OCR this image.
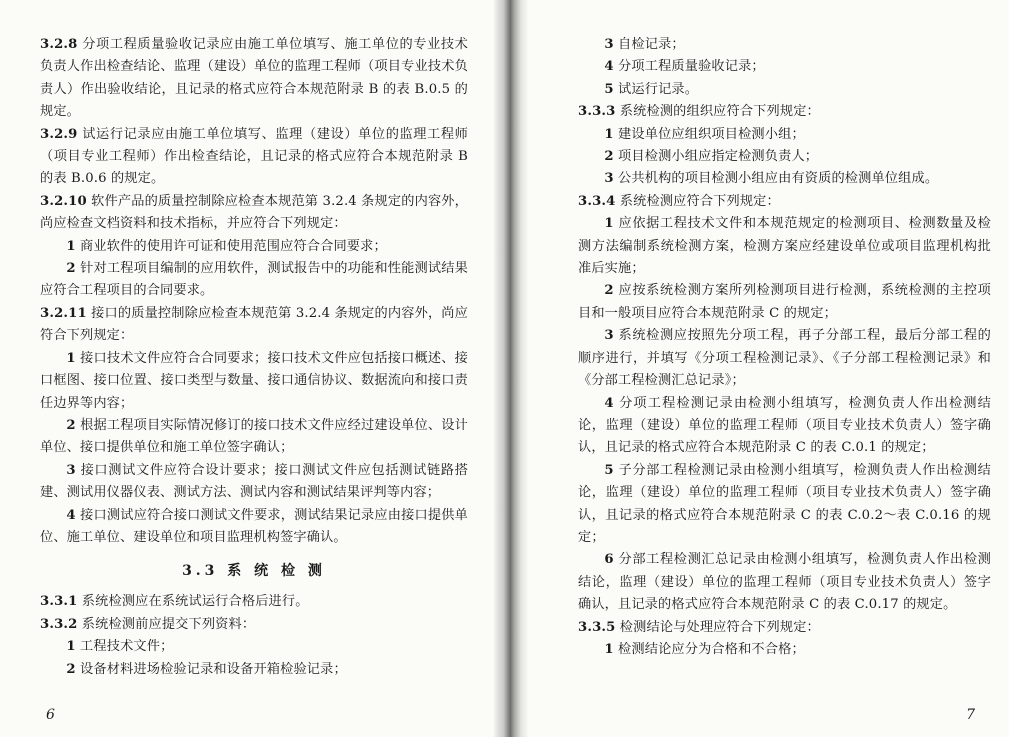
3.2.8 分项工程质量验收记录应由施工单位填写、施工单位的专业技术负责人作出检查结论、监理（建设）单位的监理工程师（项目专业技术负责人）作出验收结论，且记录的格式应符合本规范附录 B 的表 B.0.5 的规定。

3.2.9 试运行记录应由施工单位填写、监理（建设）单位的监理工程师（项目专业工程师）作出检查结论，且记录的格式应符合本规范附录 B 的表 B.0.6 的规定。

3.2.10 软件产品的质量控制除应检查本规范第 3.2.4 条规定的内容外，尚应检查文档资料和技术指标，并应符合下列规定：

1 商业软件的使用许可证和使用范围应符合合同要求；

2 针对工程项目编制的应用软件，测试报告中的功能和性能测试结果应符合工程项目的合同要求。

3.2.11 接口的质量控制除应检查本规范第 3.2.4 条规定的内容外，尚应符合下列规定：

1 接口技术文件应符合合同要求；接口技术文件应包括接口概述、接口框图、接口位置、接口类型与数量、接口通信协议、数据流向和接口责任边界等内容；

2 根据工程项目实际情况修订的接口技术文件应经过建设单位、设计单位、接口提供单位和施工单位签字确认；

3 接口测试文件应符合设计要求；接口测试文件应包括测试链路搭建、测试用仪器仪表、测试方法、测试内容和测试结果评判等内容；

4 接口测试应符合接口测试文件要求，测试结果记录应由接口提供单位、施工单位、建设单位和项目监理机构签字确认。

3.3 系 统 检 测

3.3.1 系统检测应在系统试运行合格后进行。

3.3.2 系统检测前应提交下列资料：

1 工程技术文件；

2 设备材料进场检验记录和设备开箱检验记录；

6

3 自检记录；

4 分项工程质量验收记录；

5 试运行记录。

3.3.3 系统检测的组织应符合下列规定：

1 建设单位应组织项目检测小组；

2 项目检测小组应指定检测负责人；

3 公共机构的项目检测小组应由有资质的检测单位组成。

3.3.4 系统检测应符合下列规定：

1 应依据工程技术文件和本规范规定的检测项目、检测数量及检测方法编制系统检测方案，检测方案应经建设单位或项目监理机构批准后实施；

2 应按系统检测方案所列检测项目进行检测，系统检测的主控项目和一般项目应符合本规范附录 C 的规定；

3 系统检测应按照先分项工程，再子分部工程，最后分部工程的顺序进行，并填写《分项工程检测记录》、《子分部工程检测记录》和《分部工程检测汇总记录》；

4 分项工程检测记录由检测小组填写，检测负责人作出检测结论，监理（建设）单位的监理工程师（项目专业技术负责人）签字确认，且记录的格式应符合本规范附录 C 的表 C.0.1 的规定；

5 子分部工程检测记录由检测小组填写，检测负责人作出检测结论，监理（建设）单位的监理工程师（项目专业技术负责人）签字确认，且记录的格式应符合本规范附录 C 的表 C.0.2～表 C.0.16 的规定；

6 分部工程检测汇总记录由检测小组填写，检测负责人作出检测结论，监理（建设）单位的监理工程师（项目专业技术负责人）签字确认，且记录的格式应符合本规范附录 C 的表 C.0.17 的规定。

3.3.5 检测结论与处理应符合下列规定：

1 检测结论应分为合格和不合格；

7
